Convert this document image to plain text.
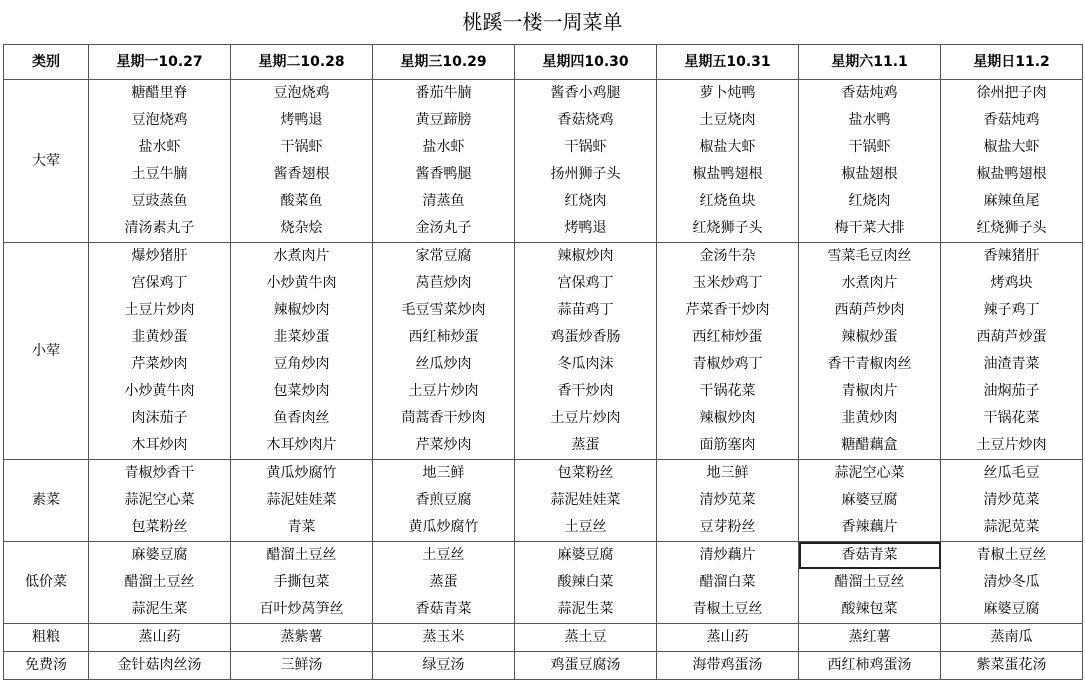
桃蹊一楼一周菜单
类别	星期一10.27	星期二10.28	星期三10.29	星期四10.30	星期五10.31	星期六11.1	星期日11.2
大荤	糖醋里脊	豆泡烧鸡	番茄牛腩	酱香小鸡腿	萝卜炖鸭	香菇炖鸡	徐州把子肉
	豆泡烧鸡	烤鸭退	黄豆蹄膀	香菇烧鸡	土豆烧肉	盐水鸭	香菇炖鸡
	盐水虾	干锅虾	盐水虾	干锅虾	椒盐大虾	干锅虾	椒盐大虾
	土豆牛腩	酱香翅根	酱香鸭腿	扬州狮子头	椒盐鸭翅根	椒盐翅根	椒盐鸭翅根
	豆豉蒸鱼	酸菜鱼	清蒸鱼	红烧肉	红烧鱼块	红烧肉	麻辣鱼尾
	清汤素丸子	烧杂烩	金汤丸子	烤鸭退	红烧狮子头	梅干菜大排	红烧狮子头
小荤	爆炒猪肝	水煮肉片	家常豆腐	辣椒炒肉	金汤牛杂	雪菜毛豆肉丝	香辣猪肝
	宫保鸡丁	小炒黄牛肉	莴苣炒肉	宫保鸡丁	玉米炒鸡丁	水煮肉片	烤鸡块
	土豆片炒肉	辣椒炒肉	毛豆雪菜炒肉	蒜苗鸡丁	芹菜香干炒肉	西葫芦炒肉	辣子鸡丁
	韭黄炒蛋	韭菜炒蛋	西红柿炒蛋	鸡蛋炒香肠	西红柿炒蛋	辣椒炒蛋	西葫芦炒蛋
	芹菜炒肉	豆角炒肉	丝瓜炒肉	冬瓜肉沫	青椒炒鸡丁	香干青椒肉丝	油渣青菜
	小炒黄牛肉	包菜炒肉	土豆片炒肉	香干炒肉	干锅花菜	青椒肉片	油焖茄子
	肉沫茄子	鱼香肉丝	茼蒿香干炒肉	土豆片炒肉	辣椒炒肉	韭黄炒肉	干锅花菜
	木耳炒肉	木耳炒肉片	芹菜炒肉	蒸蛋	面筋塞肉	糖醋藕盒	土豆片炒肉
素菜	青椒炒香干	黄瓜炒腐竹	地三鲜	包菜粉丝	地三鲜	蒜泥空心菜	丝瓜毛豆
	蒜泥空心菜	蒜泥娃娃菜	香煎豆腐	蒜泥娃娃菜	清炒苋菜	麻婆豆腐	清炒苋菜
	包菜粉丝	青菜	黄瓜炒腐竹	土豆丝	豆芽粉丝	香辣藕片	蒜泥苋菜
低价菜	麻婆豆腐	醋溜土豆丝	土豆丝	麻婆豆腐	清炒藕片	香菇青菜	青椒土豆丝
	醋溜土豆丝	手撕包菜	蒸蛋	酸辣白菜	醋溜白菜	醋溜土豆丝	清炒冬瓜
	蒜泥生菜	百叶炒莴笋丝	香菇青菜	蒜泥生菜	青椒土豆丝	酸辣包菜	麻婆豆腐
粗粮	蒸山药	蒸紫薯	蒸玉米	蒸土豆	蒸山药	蒸红薯	蒸南瓜
免费汤	金针菇肉丝汤	三鲜汤	绿豆汤	鸡蛋豆腐汤	海带鸡蛋汤	西红柿鸡蛋汤	紫菜蛋花汤
